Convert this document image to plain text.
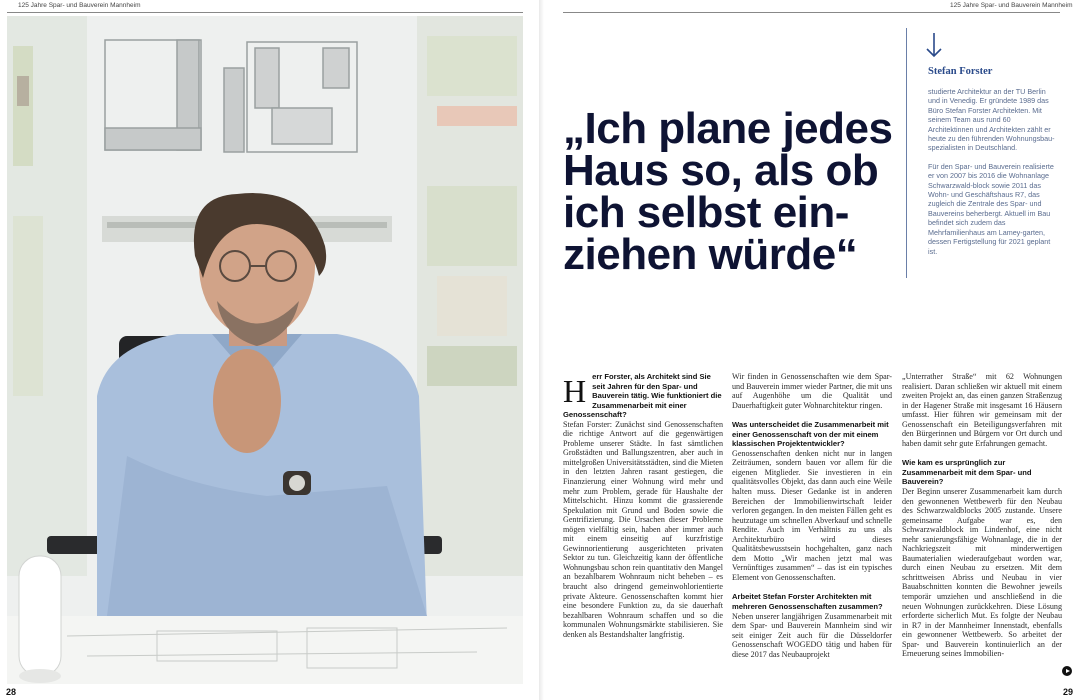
125 Jahre Spar- und Bauverein Mannheim
28
125 Jahre Spar- und Bauverein Mannheim
„Ich plane jedes Haus so, als ob ich selbst ein-ziehen würde“
Stefan Forster

studierte Architektur an der TU Berlin und in Venedig. Er gründete 1989 das Büro Stefan Forster Architekten. Mit seinem Team aus rund 60 Architektinnen und Architekten zählt er heute zu den führenden Wohnungsbau-spezialisten in Deutschland.

Für den Spar- und Bauverein realisierte er von 2007 bis 2016 die Wohnanlage Schwarzwald-block sowie 2011 das Wohn- und Geschäftshaus R7, das zugleich die Zentrale des Spar- und Bauvereins beherbergt. Aktuell im Bau befindet sich zudem das Mehrfamilienhaus am Lamey-garten, dessen Fertigstellung für 2021 geplant ist.

H err Forster, als Architekt sind Sie seit Jahren für den Spar- und Bauverein tätig. Wie funktioniert die Zusammenarbeit mit einer Genossenschaft?

Stefan Forster: Zunächst sind Genossenschaften die richtige Antwort auf die gegenwärtigen Probleme unserer Städte. In fast sämtlichen Großstädten und Ballungszentren, aber auch in mittelgroßen Universitätsstädten, sind die Mieten in den letzten Jahren rasant gestiegen, die Finanzierung einer Wohnung wird mehr und mehr zum Problem, gerade für Haushalte der Mittelschicht. Hinzu kommt die grassierende Spekulation mit Grund und Boden sowie die Gentrifizierung. Die Ursachen dieser Probleme mögen vielfältig sein, haben aber immer auch mit einem einseitig auf kurzfristige Gewinnorientierung ausgerichteten privaten Sektor zu tun. Gleichzeitig kann der öffentliche Wohnungsbau schon rein quantitativ den Mangel an bezahlbarem Wohnraum nicht beheben – es braucht also dringend gemeinwohlorientierte private Akteure. Genossenschaften kommt hier eine besondere Funktion zu, da sie dauerhaft bezahlbaren Wohnraum schaffen und so die kommunalen Wohnungsmärkte stabilisieren. Sie denken als Bestandshalter langfristig.

Wir finden in Genossenschaften wie dem Spar- und Bauverein immer wieder Partner, die mit uns auf Augenhöhe um die Qualität und Dauerhaftigkeit guter Wohnarchitektur ringen.

Was unterscheidet die Zusammenarbeit mit einer Genossenschaft von der mit einem klassischen Projektentwickler?

Genossenschaften denken nicht nur in langen Zeiträumen, sondern bauen vor allem für die eigenen Mitglieder. Sie investieren in ein qualitätsvolles Objekt, das dann auch eine Weile halten muss. Dieser Gedanke ist in anderen Bereichen der Immobilienwirtschaft leider verloren gegangen. In den meisten Fällen geht es heutzutage um schnellen Abverkauf und schnelle Rendite. Auch im Verhältnis zu uns als Architekturbüro wird dieses Qualitätsbewusstsein hochgehalten, ganz nach dem Motto „Wir machen jetzt mal was Vernünftiges zusammen“ – das ist ein typisches Element von Genossenschaften.

Arbeitet Stefan Forster Architekten mit mehreren Genossenschaften zusammen?

Neben unserer langjährigen Zusammenarbeit mit dem Spar- und Bauverein Mannheim sind wir seit einiger Zeit auch für die Düsseldorfer Genossenschaft WOGEDO tätig und haben für diese 2017 das Neubauprojekt

„Unterrather Straße“ mit 62 Wohnungen realisiert. Daran schließen wir aktuell mit einem zweiten Projekt an, das einen ganzen Straßenzug in der Hagener Straße mit insgesamt 16 Häusern umfasst. Hier führen wir gemeinsam mit der Genossenschaft ein Beteiligungsverfahren mit den Bürgerinnen und Bürgern vor Ort durch und haben damit sehr gute Erfahrungen gemacht.

Wie kam es ursprünglich zur Zusammenarbeit mit dem Spar- und Bauverein?

Der Beginn unserer Zusammenarbeit kam durch den gewonnenen Wettbewerb für den Neubau des Schwarzwaldblocks 2005 zustande. Unsere gemeinsame Aufgabe war es, den Schwarzwaldblock im Lindenhof, eine nicht mehr sanierungsfähige Wohnanlage, die in der Nachkriegszeit mit minderwertigen Baumaterialien wiederaufgebaut worden war, durch einen Neubau zu ersetzen. Mit dem schrittweisen Abriss und Neubau in vier Bauabschnitten konnten die Bewohner jeweils temporär umziehen und anschließend in die neuen Wohnungen zurückkehren. Diese Lösung erforderte sicherlich Mut. Es folgte der Neubau in R7 in der Mannheimer Innenstadt, ebenfalls ein gewonnener Wettbewerb. So arbeitet der Spar- und Bauverein kontinuierlich an der Erneuerung seines Immobilien-

29
